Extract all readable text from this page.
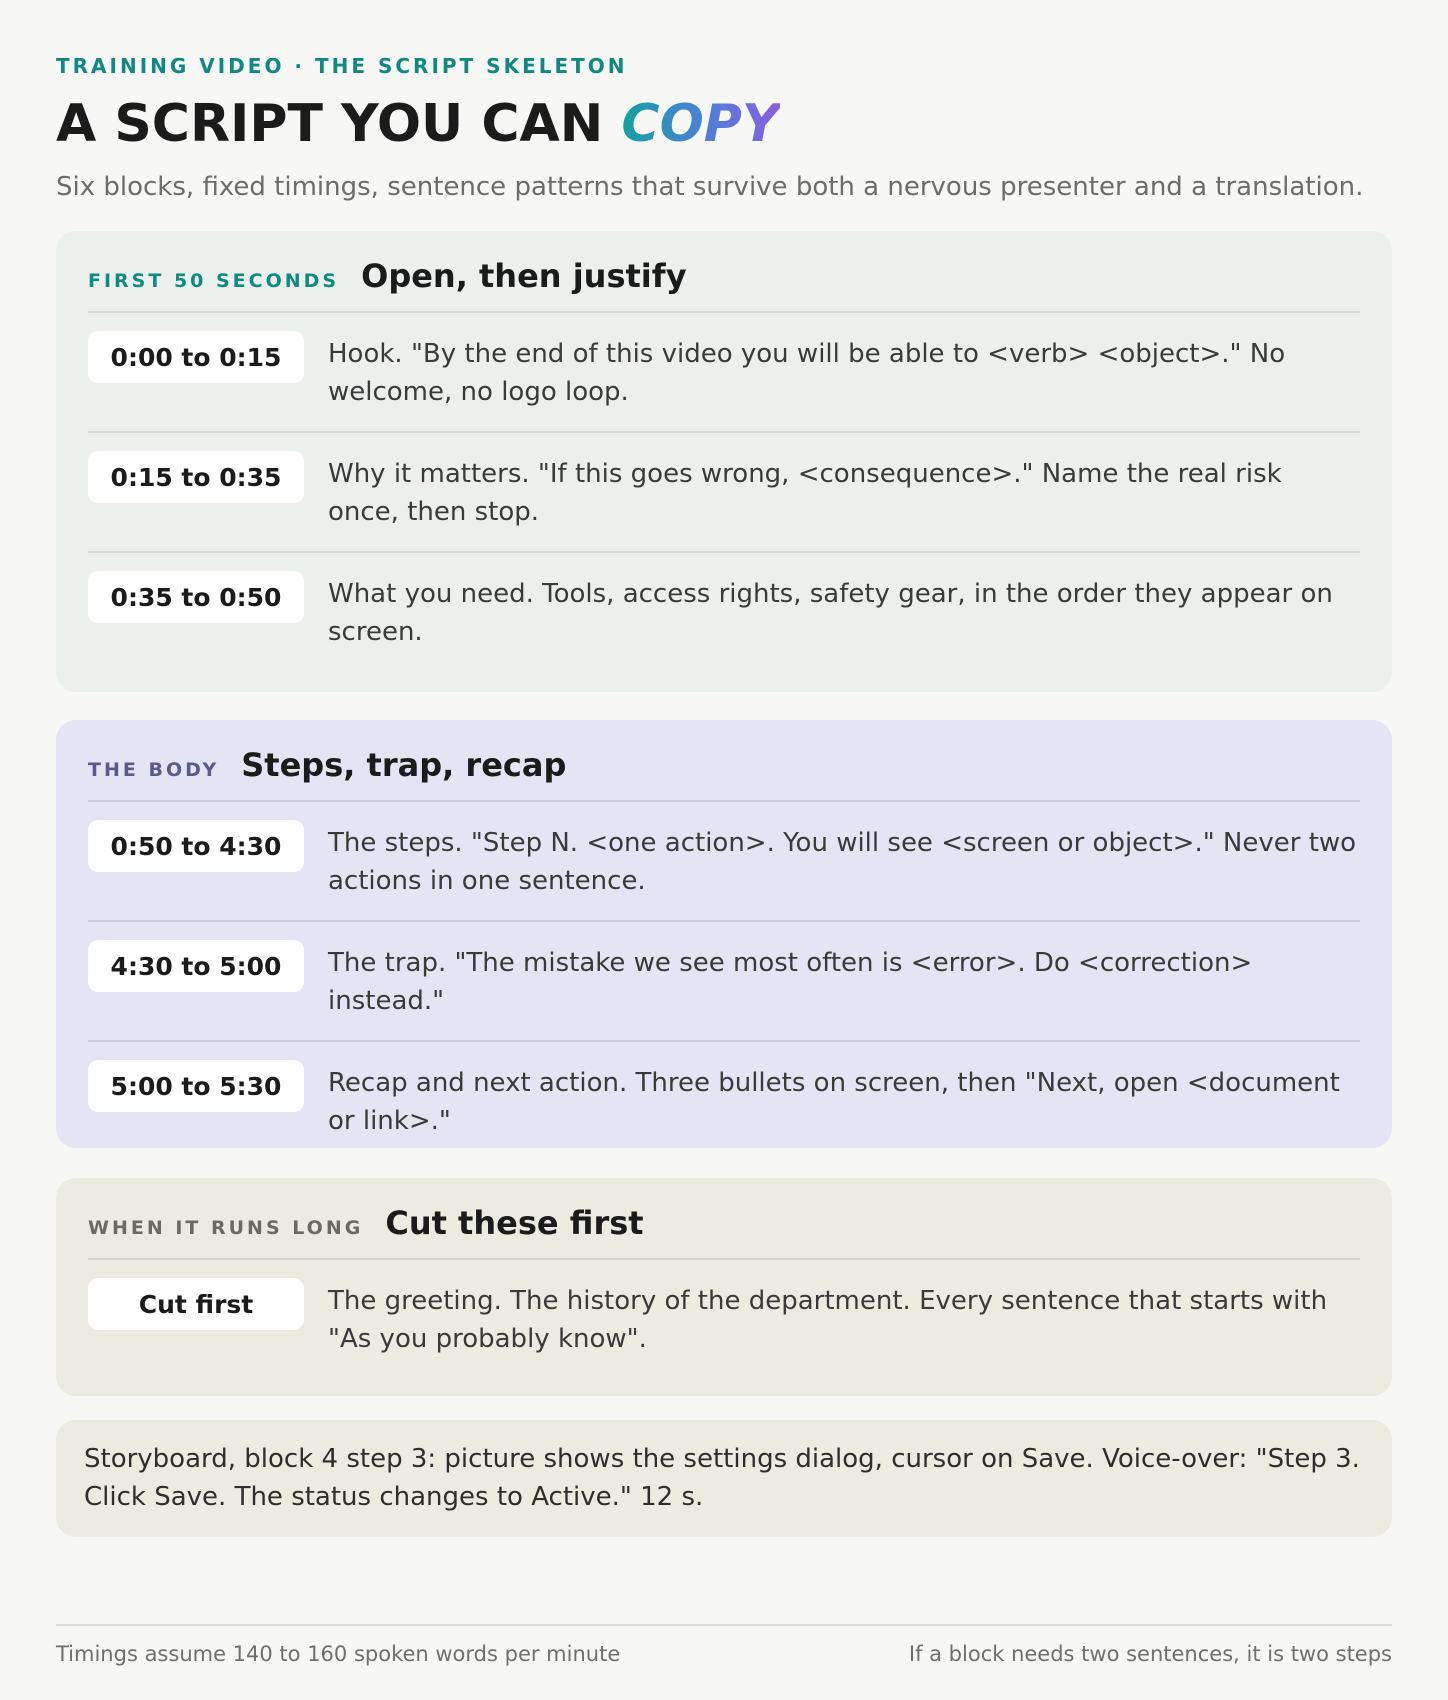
TRAINING VIDEO · THE SCRIPT SKELETON
A SCRIPT YOU CAN COPY
Six blocks, fixed timings, sentence patterns that survive both a nervous presenter and a translation.
FIRST 50 SECONDS Open, then justify
0:00 to 0:15	Hook. "By the end of this video you will be able to <verb> <object>." No welcome, no logo loop.
0:15 to 0:35	Why it matters. "If this goes wrong, <consequence>." Name the real risk once, then stop.
0:35 to 0:50	What you need. Tools, access rights, safety gear, in the order they appear on screen.
THE BODY Steps, trap, recap
0:50 to 4:30	The steps. "Step N. <one action>. You will see <screen or object>." Never two actions in one sentence.
4:30 to 5:00	The trap. "The mistake we see most often is <error>. Do <correction> instead."
5:00 to 5:30	Recap and next action. Three bullets on screen, then "Next, open <document or link>."
WHEN IT RUNS LONG Cut these first
Cut first	The greeting. The history of the department. Every sentence that starts with "As you probably know".
Storyboard, block 4 step 3: picture shows the settings dialog, cursor on Save. Voice-over: "Step 3. Click Save. The status changes to Active." 12 s.
Timings assume 140 to 160 spoken words per minute	If a block needs two sentences, it is two steps
